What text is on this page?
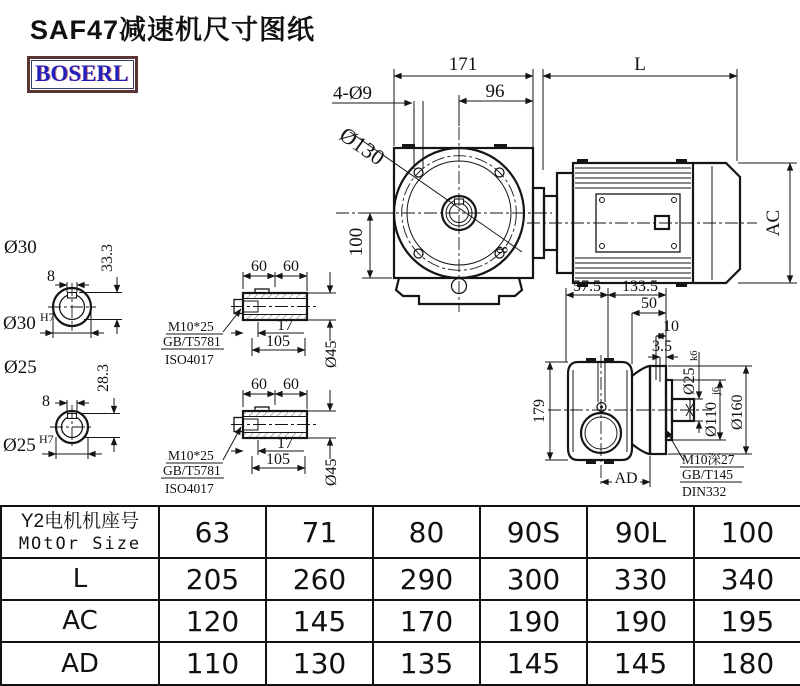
SAF47减速机尺寸图纸
BOSERL
Ø130
8
171	L
96
4-Ø9
100
AC
57.5 133.5
50
10
3.5
179
Ø25
k6
Ø110
j6
Ø160
AD
M10深27
GB/T145
DIN332
Ø30
8
33.3
Ø30 H7
Ø25
8
28.3
Ø25 H7
60 60
17
105 Ø45
M10*25
GB/T5781
ISO4017
60 60
17
105 Ø45
M10*25
GB/T5781
ISO4017
Y2电机机座号
MOtOr Size	63	71	80	90S	90L	100
L	205	260	290	300	330	340
AC	120	145	170	190	190	195
AD	110	130	135	145	145	180
